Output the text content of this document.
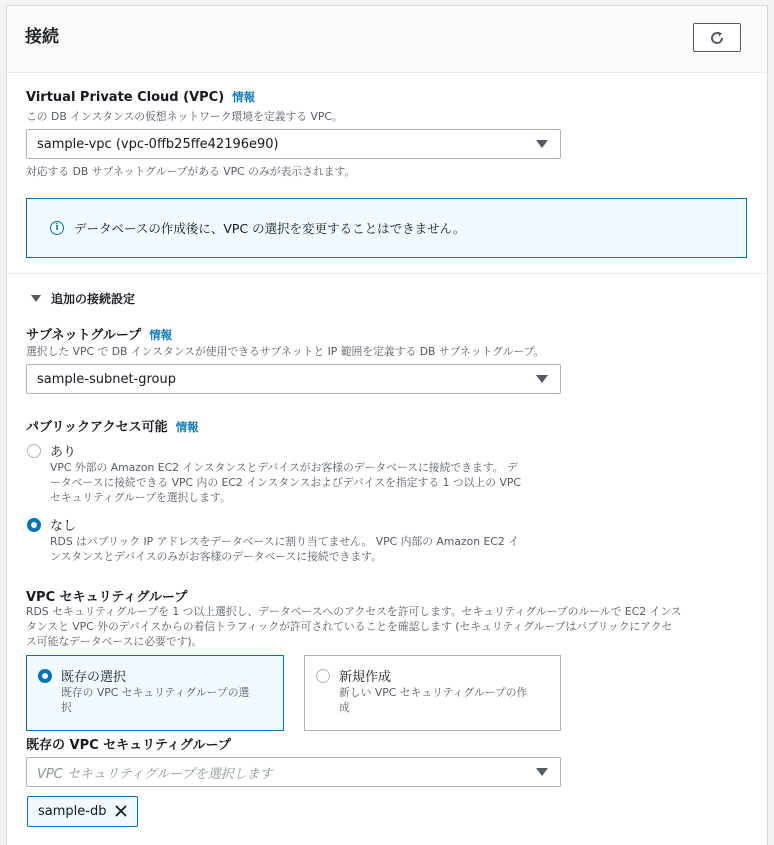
接続
Virtual Private Cloud (VPC) 情報
この DB インスタンスの仮想ネットワーク環境を定義する VPC。
sample-vpc (vpc-0ffb25ffe42196e90)
対応する DB サブネットグループがある VPC のみが表示されます。
i	データベースの作成後に、VPC の選択を変更することはできません。
追加の接続設定
サブネットグループ 情報
選択した VPC で DB インスタンスが使用できるサブネットと IP 範囲を定義する DB サブネットグループ。
sample-subnet-group
パブリックアクセス可能 情報
あり
VPC 外部の Amazon EC2 インスタンスとデバイスがお客様のデータベースに接続できます。 デ
ータベースに接続できる VPC 内の EC2 インスタンスおよびデバイスを指定する 1 つ以上の VPC
セキュリティグループを選択します。
なし
RDS はパブリック IP アドレスをデータベースに割り当てません。 VPC 内部の Amazon EC2 イ
ンスタンスとデバイスのみがお客様のデータベースに接続できます。
VPC セキュリティグループ
RDS セキュリティグループを 1 つ以上選択し、データベースへのアクセスを許可します。セキュリティグループのルールで EC2 インス
タンスと VPC 外のデバイスからの着信トラフィックが許可されていることを確認します (セキュリティグループはパブリックにアクセ
ス可能なデータベースに必要です)。
既存の選択
既存の VPC セキュリティグループの選
択
新規作成
新しい VPC セキュリティグループの作
成
既存の VPC セキュリティグループ
VPC セキュリティグループを選択します
sample-db
